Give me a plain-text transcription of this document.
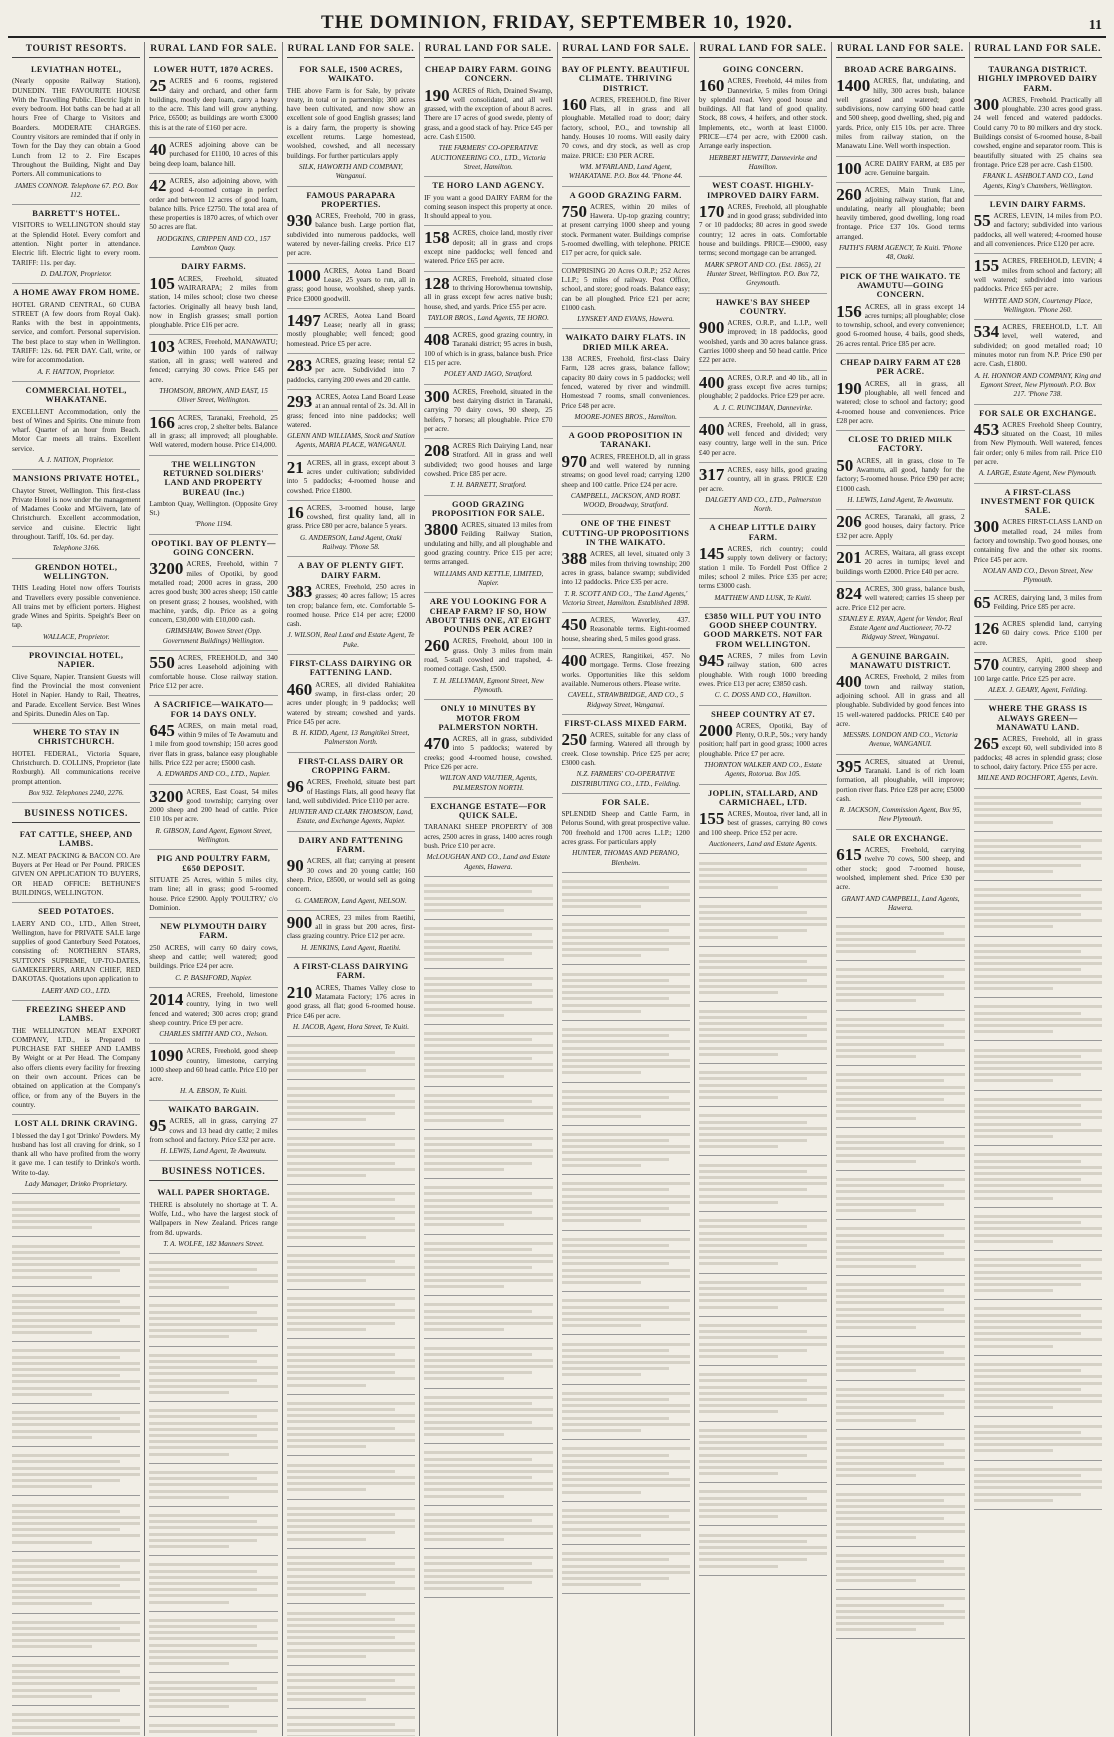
THE DOMINION, FRIDAY, SEPTEMBER 10, 1920.	11
TOURIST RESORTS.
LEVIATHAN HOTEL,
(Nearly opposite Railway Station), DUNEDIN. THE FAVOURITE HOUSE With the Travelling Public. Electric light in every bedroom. Hot baths can be had at all hours Free of Charge to Visitors and Boarders. MODERATE CHARGES. Country visitors are reminded that if only in Town for the Day they can obtain a Good Lunch from 12 to 2. Fire Escapes Throughout the Building, Night and Day Porters. All communications to
JAMES CONNOR. Telephone 67. P.O. Box 112.
BARRETT'S HOTEL.
VISITORS to WELLINGTON should stay at the Splendid Hotel. Every comfort and attention. Night porter in attendance. Electric lift. Electric light to every room. TARIFF: 11s. per day.
D. DALTON, Proprietor.
A HOME AWAY FROM HOME.
HOTEL GRAND CENTRAL, 60 CUBA STREET (A few doors from Royal Oak). Ranks with the best in appointments, service, and comfort. Personal supervision. The best place to stay when in Wellington. TARIFF: 12s. 6d. PER DAY. Call, write, or wire for accommodation.
A. F. HATTON, Proprietor.
COMMERCIAL HOTEL, WHAKATANE.
EXCELLENT Accommodation, only the best of Wines and Spirits. One minute from wharf. Quarter of an hour from Beach. Motor Car meets all trains. Excellent service.
A. J. NATION, Proprietor.
MANSIONS PRIVATE HOTEL,
Chaytor Street, Wellington. This first-class Private Hotel is now under the management of Madames Cooke and M'Givern, late of Christchurch. Excellent accommodation, service and cuisine. Electric light throughout. Tariff, 10s. 6d. per day.
Telephone 3166.
GRENDON HOTEL, WELLINGTON.
THIS Leading Hotel now offers Tourists and Travellers every possible convenience. All trains met by efficient porters. Highest grade Wines and Spirits. Speight's Beer on tap.
WALLACE, Proprietor.
PROVINCIAL HOTEL, NAPIER.
Clive Square, Napier. Transient Guests will find the Provincial the most convenient Hotel in Napier. Handy to Rail, Theatres, and Parade. Excellent Service. Best Wines and Spirits. Dunedin Ales on Tap.
WHERE TO STAY IN CHRISTCHURCH.
HOTEL FEDERAL, Victoria Square, Christchurch. D. COLLINS, Proprietor (late Roxburgh). All communications receive prompt attention.
Box 932. Telephones 2240, 2276.
BUSINESS NOTICES.
FAT CATTLE, SHEEP, AND LAMBS.
N.Z. MEAT PACKING & BACON CO. Are Buyers at Per Head or Per Pound. PRICES GIVEN ON APPLICATION TO BUYERS, OR HEAD OFFICE: BETHUNE'S BUILDINGS, WELLINGTON.
SEED POTATOES.
LAERY AND CO., LTD., Allen Street, Wellington, have for PRIVATE SALE large supplies of good Canterbury Seed Potatoes, consisting of: NORTHERN STARS, SUTTON'S SUPREME, UP-TO-DATES, GAMEKEEPERS, ARRAN CHIEF, RED DAKOTAS. Quotations upon application to
LAERY AND CO., LTD.
FREEZING SHEEP AND LAMBS.
THE WELLINGTON MEAT EXPORT COMPANY, LTD., is Prepared to PURCHASE FAT SHEEP AND LAMBS By Weight or at Per Head. The Company also offers clients every facility for freezing on their own account. Prices can be obtained on application at the Company's office, or from any of the Buyers in the country.
LOST ALL DRINK CRAVING.
I blessed the day I got 'Drinko' Powders. My husband has lost all craving for drink, so I thank all who have profited from the worry it gave me. I can testify to Drinko's worth. Write to-day.
Lady Manager, Drinko Proprietary.
RURAL LAND FOR SALE.
LOWER HUTT, 1870 ACRES.
25 ACRES and 6 rooms, registered dairy and orchard, and other farm buildings, mostly deep loam, carry a heavy to the acre. This land will grow anything. Price, £6500; as buildings are worth £3000 this is at the rate of £160 per acre.
40 ACRES adjoining above can be purchased for £1100, 10 acres of this being deep loam, balance hill.
42 ACRES, also adjoining above, with good 4-roomed cottage in perfect order and between 12 acres of good loam, balance hills. Price £2750. The total area of these properties is 1870 acres, of which over 50 acres are flat.
HODGKINS, CRIPPEN AND CO., 157 Lambton Quay.
DAIRY FARMS.
105 ACRES, Freehold, situated WAIRARAPA; 2 miles from station, 14 miles school; close two cheese factories. Originally all heavy bush land, now in English grasses; small portion ploughable. Price £16 per acre.
103 ACRES, Freehold, MANAWATU; within 100 yards of railway station, all in grass; well watered and fenced; carrying 30 cows. Price £45 per acre.
THOMSON, BROWN, AND EAST, 15 Oliver Street, Wellington.
166 ACRES, Taranaki, Freehold, 25 acres crop, 2 shelter belts. Balance all in grass; all improved; all ploughable. Well watered, modern house. Price £14,000.
THE WELLINGTON RETURNED SOLDIERS' LAND AND PROPERTY BUREAU (Inc.)
Lambton Quay, Wellington. (Opposite Grey St.)
'Phone 1194.
OPOTIKI. BAY OF PLENTY—GOING CONCERN.
3200 ACRES, Freehold, within 7 miles of Opotiki, by good metalled road; 2000 acres in grass, 200 acres good bush; 300 acres sheep; 150 cattle on present grass; 2 houses, woolshed, with machine, yards, dip. Price as a going concern, £30,000 with £10,000 cash.
GRIMSHAW, Bowen Street (Opp. Government Buildings) Wellington.
550 ACRES, FREEHOLD, and 340 acres Leasehold adjoining with comfortable house. Close railway station. Price £12 per acre.
A SACRIFICE—WAIKATO—FOR 14 DAYS ONLY.
645 ACRES, on main metal road, within 9 miles of Te Awamutu and 1 mile from good township; 150 acres good river flats in grass, balance easy ploughable hills. Price £22 per acre; £5000 cash.
A. EDWARDS AND CO., LTD., Napier.
3200 ACRES, East Coast, 54 miles good township; carrying over 2000 sheep and 200 head of cattle. Price £10 10s per acre.
R. GIBSON, Land Agent, Egmont Street, Wellington.
PIG AND POULTRY FARM, £650 DEPOSIT.
SITUATE 25 Acres, within 5 miles city, tram line; all in grass; good 5-roomed house. Price £2900. Apply 'POULTRY,' c/o Dominion.
NEW PLYMOUTH DAIRY FARM.
250 ACRES, will carry 60 dairy cows, sheep and cattle; well watered; good buildings. Price £24 per acre.
C. P. BASHFORD, Napier.
2014 ACRES, Freehold, limestone country, lying in two well fenced and watered; 300 acres crop; grand sheep country. Price £9 per acre.
CHARLES SMITH AND CO., Nelson.
1090 ACRES, Freehold, good sheep country, limestone, carrying 1000 sheep and 60 head cattle. Price £10 per acre.
H. A. EBSON, Te Kuiti.
WAIKATO BARGAIN.
95 ACRES, all in grass, carrying 27 cows and 13 head dry cattle; 2 miles from school and factory. Price £32 per acre.
H. LEWIS, Land Agent, Te Awamutu.
BUSINESS NOTICES.
WALL PAPER SHORTAGE.
THERE is absolutely no shortage at T. A. Wolfe, Ltd., who have the largest stock of Wallpapers in New Zealand. Prices range from 8d. upwards.
T. A. WOLFE, 182 Manners Street.
RURAL LAND FOR SALE.
FOR SALE, 1500 ACRES, WAIKATO.
THE above Farm is for Sale, by private treaty, in total or in partnership; 300 acres have been cultivated, and now show an excellent sole of good English grasses; land is a dairy farm, the property is showing excellent returns. Large homestead, woolshed, cowshed, and all necessary buildings. For further particulars apply
SILK, HAWORTH AND COMPANY, Wanganui.
FAMOUS PARAPARA PROPERTIES.
930 ACRES, Freehold, 700 in grass, balance bush. Large portion flat, subdivided into numerous paddocks, well watered by never-failing creeks. Price £17 per acre.
1000 ACRES, Aotea Land Board Lease, 25 years to run, all in grass; good house, woolshed, sheep yards. Price £3000 goodwill.
1497 ACRES, Aotea Land Board Lease; nearly all in grass; mostly ploughable; well fenced; good homestead. Price £5 per acre.
283 ACRES, grazing lease; rental £2 per acre. Subdivided into 7 paddocks, carrying 200 ewes and 20 cattle.
293 ACRES, Aotea Land Board Lease at an annual rental of 2s. 3d. All in grass; fenced into nine paddocks; well watered.
GLENN AND WILLIAMS, Stock and Station Agents, MARIA PLACE, WANGANUI.
21 ACRES, all in grass, except about 3 acres under cultivation; subdivided into 5 paddocks; 4-roomed house and cowshed. Price £1800.
16 ACRES, 3-roomed house, large cowshed, first quality land, all in grass. Price £80 per acre, balance 5 years.
G. ANDERSON, Land Agent, Otaki Railway. 'Phone 58.
A BAY OF PLENTY GIFT. DAIRY FARM.
383 ACRES, Freehold, 250 acres in grasses; 40 acres fallow; 15 acres ten crop; balance fern, etc. Comfortable 5-roomed house. Price £14 per acre; £2000 cash.
J. WILSON, Real Land and Estate Agent, Te Puke.
FIRST-CLASS DAIRYING OR FATTENING LAND.
460 ACRES, all divided Rahiakitea swamp, in first-class order; 20 acres under plough; in 9 paddocks; well watered by stream; cowshed and yards. Price £45 per acre.
B. H. KIDD, Agent, 13 Rangitikei Street, Palmerston North.
FIRST-CLASS DAIRY OR CROPPING FARM.
96 ACRES, Freehold, situate best part of Hastings Flats, all good heavy flat land, well subdivided. Price £110 per acre.
HUNTER AND CLARK THOMSON, Land, Estate, and Exchange Agents, Napier.
DAIRY AND FATTENING FARM.
90 ACRES, all flat; carrying at present 30 cows and 20 young cattle; 160 sheep. Price, £8500, or would sell as going concern.
G. CAMERON, Land Agent, NELSON.
900 ACRES, 23 miles from Raetihi, all in grass but 200 acres, first-class grazing country. Price £12 per acre.
H. JENKINS, Land Agent, Raetihi.
A FIRST-CLASS DAIRYING FARM.
210 ACRES, Thames Valley close to Matamata Factory; 176 acres in good grass, all flat; good 6-roomed house. Price £46 per acre.
H. JACOB, Agent, Hora Street, Te Kuiti.
RURAL LAND FOR SALE.
CHEAP DAIRY FARM. GOING CONCERN.
190 ACRES of Rich, Drained Swamp, well consolidated, and all well grassed, with the exception of about 8 acres. There are 17 acres of good swede, plenty of grass, and a good stack of hay. Price £45 per acre. Cash £1500.
THE FARMERS' CO-OPERATIVE AUCTIONEERING CO., LTD., Victoria Street, Hamilton.
TE HORO LAND AGENCY.
IF you want a good DAIRY FARM for the coming season inspect this property at once. It should appeal to you.
158 ACRES, choice land, mostly river deposit; all in grass and crops except nine paddocks; well fenced and watered. Price £65 per acre.
128 ACRES, Freehold, situated close to thriving Horowhenua township, all in grass except few acres native bush; house, shed, and yards. Price £55 per acre.
TAYLOR BROS., Land Agents, TE HORO.
408 ACRES, good grazing country, in Taranaki district; 95 acres in bush, 100 of which is in grass, balance bush. Price £15 per acre.
POLEY AND JAGO, Stratford.
300 ACRES, Freehold, situated in the best dairying district in Taranaki, carrying 70 dairy cows, 90 sheep, 25 heifers, 7 horses; all ploughable. Price £70 per acre.
208 ACRES Rich Dairying Land, near Stratford. All in grass and well subdivided; two good houses and large cowshed. Price £85 per acre.
T. H. BARNETT, Stratford.
GOOD GRAZING PROPOSITION FOR SALE.
3800 ACRES, situated 13 miles from Feilding Railway Station, undulating and hilly, and all ploughable and good grazing country. Price £15 per acre; terms arranged.
WILLIAMS AND KETTLE, LIMITED, Napier.
ARE YOU LOOKING FOR A CHEAP FARM? IF SO, HOW ABOUT THIS ONE, AT EIGHT POUNDS PER ACRE?
260 ACRES, Freehold, about 100 in grass. Only 3 miles from main road, 5-stall cowshed and trapshed, 4-roomed cottage. Cash, £500.
T. H. JELLYMAN, Egmont Street, New Plymouth.
ONLY 10 MINUTES BY MOTOR FROM PALMERSTON NORTH.
470 ACRES, all in grass, subdivided into 5 paddocks; watered by creeks; good 4-roomed house, cowshed. Price £26 per acre.
WILTON AND VAUTIER, Agents, PALMERSTON NORTH.
EXCHANGE ESTATE—FOR QUICK SALE.
TARANAKI SHEEP PROPERTY of 308 acres, 2500 acres in grass, 1400 acres rough bush. Price £10 per acre.
McLOUGHAN AND CO., Land and Estate Agents, Hawera.
RURAL LAND FOR SALE.
BAY OF PLENTY. BEAUTIFUL CLIMATE. THRIVING DISTRICT.
160 ACRES, FREEHOLD, fine River Flats, all in grass and all ploughable. Metalled road to door; dairy factory, school, P.O., and township all handy. Houses 10 rooms. Will easily dairy 70 cows, and dry stock, as well as crop maize. PRICE: £30 PER ACRE.
WM. M'FARLAND, Land Agent, WHAKATANE. P.O. Box 44. 'Phone 44.
A GOOD GRAZING FARM.
750 ACRES, within 20 miles of Hawera. Up-top grazing country; at present carrying 1000 sheep and young stock. Permanent water. Buildings comprise 5-roomed dwelling, with telephone. PRICE £17 per acre, for quick sale.
COMPRISING 20 Acres O.R.P.; 252 Acres L.I.P.; 5 miles of railway. Post Office, school, and store; good roads. Balance easy; can be all ploughed. Price £21 per acre; £1000 cash.
LYNSKEY AND EVANS, Hawera.
WAIKATO DAIRY FLATS. IN DRIED MILK AREA.
138 ACRES, Freehold, first-class Dairy Farm, 128 acres grass, balance fallow; capacity 80 dairy cows in 5 paddocks; well fenced, watered by river and windmill. Homestead 7 rooms, small conveniences. Price £48 per acre.
MOORE-JONES BROS., Hamilton.
A GOOD PROPOSITION IN TARANAKI.
970 ACRES, FREEHOLD, all in grass and well watered by running streams; on good level road; carrying 1200 sheep and 100 cattle. Price £24 per acre.
CAMPBELL, JACKSON, AND ROBT. WOOD, Broadway, Stratford.
ONE OF THE FINEST CUTTING-UP PROPOSITIONS IN THE WAIKATO.
388 ACRES, all level, situated only 3 miles from thriving township; 200 acres in grass, balance swamp; subdivided into 12 paddocks. Price £35 per acre.
T. R. SCOTT AND CO., 'The Land Agents,' Victoria Street, Hamilton. Established 1898.
450 ACRES, Waverley, 437. Reasonable terms. Eight-roomed house, shearing shed, 5 miles good grass.
400 ACRES, Rangitikei, 457. No mortgage. Terms. Close freezing works. Opportunities like this seldom available. Numerous others. Please write.
CAVELL, STRAWBRIDGE, AND CO., 5 Ridgway Street, Wanganui.
FIRST-CLASS MIXED FARM.
250 ACRES, suitable for any class of farming. Watered all through by creek. Close township. Price £25 per acre; £3000 cash.
N.Z. FARMERS' CO-OPERATIVE DISTRIBUTING CO., LTD., Feilding.
FOR SALE.
SPLENDID Sheep and Cattle Farm, in Pelorus Sound, with great prospective value. 700 freehold and 1700 acres L.I.P.; 1200 acres grass. For particulars apply
HUNTER, THOMAS AND PERANO, Blenheim.
RURAL LAND FOR SALE.
GOING CONCERN.
160 ACRES, Freehold, 44 miles from Dannevirke, 5 miles from Oringi by splendid road. Very good house and buildings. All flat land of good quality. Stock, 88 cows, 4 heifers, and other stock. Implements, etc., worth at least £1000. PRICE—£74 per acre, with £2000 cash. Arrange early inspection.
HERBERT HEWITT, Dannevirke and Hamilton.
WEST COAST. HIGHLY-IMPROVED DAIRY FARM.
170 ACRES, Freehold, all ploughable and in good grass; subdivided into 7 or 10 paddocks; 80 acres in good swede country; 12 acres in oats. Comfortable house and buildings. PRICE—£9000, easy terms; second mortgage can be arranged.
MARK SPROT AND CO. (Est. 1865), 21 Hunter Street, Wellington. P.O. Box 72, Greymouth.
HAWKE'S BAY SHEEP COUNTRY.
900 ACRES, O.R.P., and L.I.P., well improved; in 18 paddocks, good woolshed, yards and 30 acres balance grass. Carries 1000 sheep and 50 head cattle. Price £22 per acre.
400 ACRES, O.R.P. and 40 lib., all in grass except five acres turnips; ploughable; 2 paddocks. Price £29 per acre.
A. J. C. RUNCIMAN, Dannevirke.
400 ACRES, Freehold, all in grass, well fenced and divided; very easy country, large well in the sun. Price £40 per acre.
317 ACRES, easy hills, good grazing country, all in grass. PRICE £20 per acre.
DALGETY AND CO., LTD., Palmerston North.
A CHEAP LITTLE DAIRY FARM.
145 ACRES, rich country; could supply town delivery or factory; station 1 mile. To Fordell Post Office 2 miles; school 2 miles. Price £35 per acre; terms £3000 cash.
MATTHEW AND LUSK, Te Kuiti.
£3850 WILL PUT YOU INTO GOOD SHEEP COUNTRY. GOOD MARKETS. NOT FAR FROM WELLINGTON.
945 ACRES, 7 miles from Levin railway station, 600 acres ploughable. With rough 1000 breeding ewes. Price £13 per acre; £3850 cash.
C. C. DOSS AND CO., Hamilton.
SHEEP COUNTRY AT £7.
2000 ACRES, Opotiki, Bay of Plenty, O.R.P., 50s.; very handy position; half part in good grass; 1000 acres ploughable. Price £7 per acre.
THORNTON WALKER AND CO., Estate Agents, Rotorua. Box 105.
JOPLIN, STALLARD, AND CARMICHAEL, LTD.
155 ACRES, Moutoa, river land, all in best of grasses, carrying 80 cows and 100 sheep. Price £52 per acre.
Auctioneers, Land and Estate Agents.
RURAL LAND FOR SALE.
BROAD ACRE BARGAINS.
1400 ACRES, flat, undulating, and hilly, 300 acres bush, balance well grassed and watered; good subdivisions, now carrying 600 head cattle and 500 sheep, good dwelling, shed, pig and yards. Price, only £15 10s. per acre. Three miles from railway station, on the Manawatu Line. Well worth inspection.
100 ACRE DAIRY FARM, at £85 per acre. Genuine bargain.
260 ACRES, Main Trunk Line, adjoining railway station, flat and undulating, nearly all ploughable; been heavily timbered, good dwelling, long road frontage. Price £37 10s. Good terms arranged.
FAITH'S FARM AGENCY, Te Kuiti. 'Phone 48, Otaki.
PICK OF THE WAIKATO. TE AWAMUTU—GOING CONCERN.
156 ACRES, all in grass except 14 acres turnips; all ploughable; close to township, school, and every convenience; good 6-roomed house, 4 bails, good sheds, 26 acres rental. Price £85 per acre.
CHEAP DAIRY FARM AT £28 PER ACRE.
190 ACRES, all in grass, all ploughable, all well fenced and watered; close to school and factory; good 4-roomed house and conveniences. Price £28 per acre.
CLOSE TO DRIED MILK FACTORY.
50 ACRES, all in grass, close to Te Awamutu, all good, handy for the factory; 5-roomed house. Price £90 per acre; £1000 cash.
H. LEWIS, Land Agent, Te Awamutu.
206 ACRES, Taranaki, all grass, 2 good houses, dairy factory. Price £32 per acre. Apply
201 ACRES, Waitara, all grass except 20 acres in turnips; level and buildings worth £2000. Price £40 per acre.
824 ACRES, 300 grass, balance bush, well watered; carries 15 sheep per acre. Price £12 per acre.
STANLEY E. RYAN, Agent for Vendor, Real Estate Agent and Auctioneer, 70-72 Ridgway Street, Wanganui.
A GENUINE BARGAIN. MANAWATU DISTRICT.
400 ACRES, Freehold, 2 miles from town and railway station, adjoining school. All in grass and all ploughable. Subdivided by good fences into 15 well-watered paddocks. PRICE £40 per acre.
MESSRS. LONDON AND CO., Victoria Avenue, WANGANUI.
395 ACRES, situated at Urenui, Taranaki. Land is of rich loam formation, all ploughable, will improve; portion river flats. Price £28 per acre; £5000 cash.
R. JACKSON, Commission Agent, Box 95, New Plymouth.
SALE OR EXCHANGE.
615 ACRES, Freehold, carrying twelve 70 cows, 500 sheep, and other stock; good 7-roomed house, woolshed, implement shed. Price £30 per acre.
GRANT AND CAMPBELL, Land Agents, Hawera.
RURAL LAND FOR SALE.
TAURANGA DISTRICT. HIGHLY IMPROVED DAIRY FARM.
300 ACRES, Freehold. Practically all ploughable. 230 acres good grass. 24 well fenced and watered paddocks. Could carry 70 to 80 milkers and dry stock. Buildings consist of 6-roomed house, 8-bail cowshed, engine and separator room. This is beautifully situated with 25 chains sea frontage. Price £28 per acre. Cash £1500.
FRANK L. ASHBOLT AND CO., Land Agents, King's Chambers, Wellington.
LEVIN DAIRY FARMS.
55 ACRES, LEVIN, 14 miles from P.O. and factory; subdivided into various paddocks, all well watered; 4-roomed house and all conveniences. Price £120 per acre.
155 ACRES, FREEHOLD, LEVIN; 4 miles from school and factory; all well watered; subdivided into various paddocks. Price £65 per acre.
WHYTE AND SON, Courtenay Place, Wellington. 'Phone 260.
534 ACRES, FREEHOLD, L.T. All level, well watered, and subdivided; on good metalled road; 10 minutes motor run from N.P. Price £90 per acre. Cash, £1800.
A. H. HONNOR AND COMPANY, King and Egmont Street, New Plymouth. P.O. Box 217. 'Phone 738.
FOR SALE OR EXCHANGE.
453 ACRES Freehold Sheep Country, situated on the Coast, 10 miles from New Plymouth. Well watered, fences fair order; only 6 miles from rail. Price £10 per acre.
A. LARGE, Estate Agent, New Plymouth.
A FIRST-CLASS INVESTMENT FOR QUICK SALE.
300 ACRES FIRST-CLASS LAND on metalled road, 24 miles from factory and township. Two good houses, one containing five and the other six rooms. Price £45 per acre.
NOLAN AND CO., Devon Street, New Plymouth.
65 ACRES, dairying land, 3 miles from Feilding. Price £85 per acre.
126 ACRES splendid land, carrying 60 dairy cows. Price £100 per acre.
570 ACRES, Apiti, good sheep country, carrying 2800 sheep and 100 large cattle. Price £25 per acre.
ALEX. J. GEARY, Agent, Feilding.
WHERE THE GRASS IS ALWAYS GREEN—MANAWATU LAND.
265 ACRES, Freehold, all in grass except 60, well subdivided into 8 paddocks; 48 acres in splendid grass; close to school, dairy factory. Price £55 per acre.
MILNE AND ROCHFORT, Agents, Levin.
